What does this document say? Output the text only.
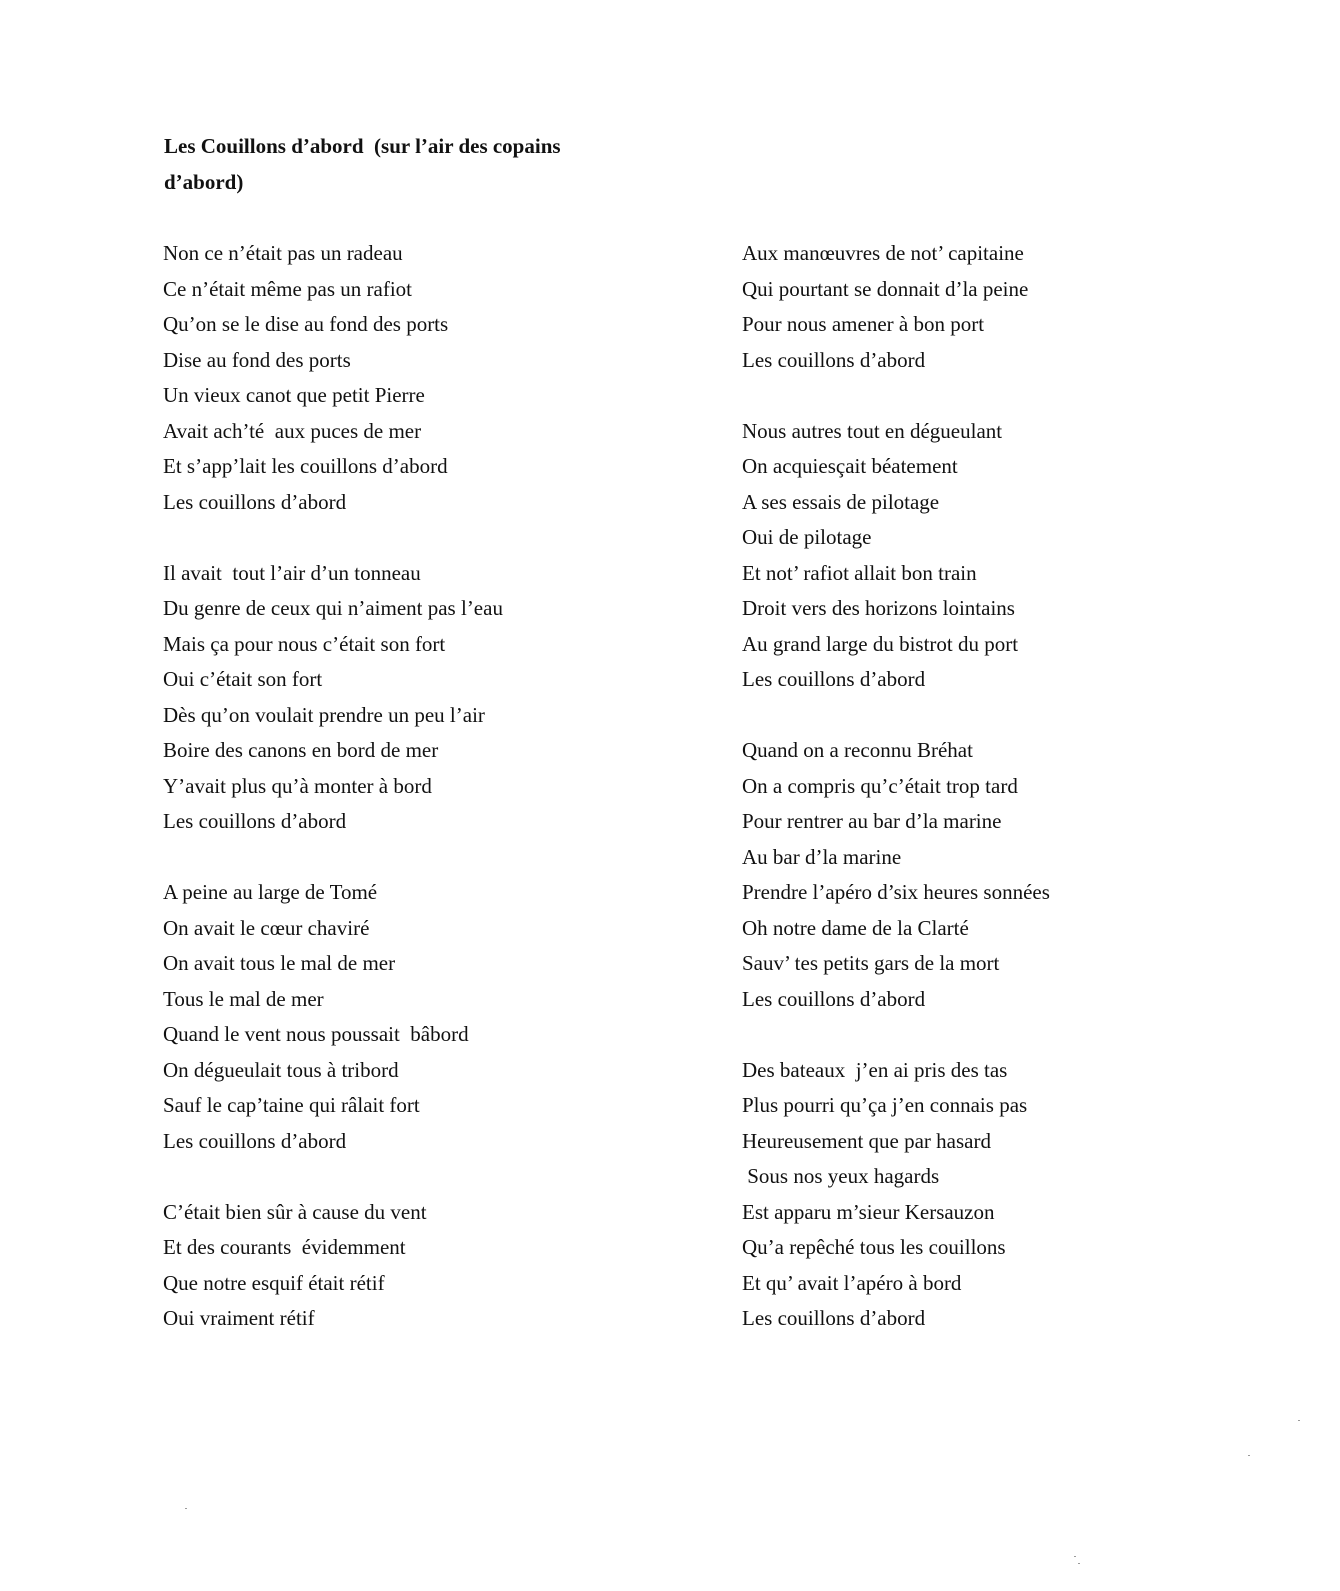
Les Couillons d’abord  (sur l’air des copains
d’abord)
Non ce n’était pas un radeau
Ce n’était même pas un rafiot
Qu’on se le dise au fond des ports
Dise au fond des ports
Un vieux canot que petit Pierre
Avait ach’té  aux puces de mer
Et s’app’lait les couillons d’abord
Les couillons d’abord
Il avait  tout l’air d’un tonneau
Du genre de ceux qui n’aiment pas l’eau
Mais ça pour nous c’était son fort
Oui c’était son fort
Dès qu’on voulait prendre un peu l’air
Boire des canons en bord de mer
Y’avait plus qu’à monter à bord
Les couillons d’abord
A peine au large de Tomé
On avait le cœur chaviré
On avait tous le mal de mer
Tous le mal de mer
Quand le vent nous poussait  bâbord
On dégueulait tous à tribord
Sauf le cap’taine qui râlait fort
Les couillons d’abord
C’était bien sûr à cause du vent
Et des courants  évidemment
Que notre esquif était rétif
Oui vraiment rétif
Aux manœuvres de not’ capitaine
Qui pourtant se donnait d’la peine
Pour nous amener à bon port
Les couillons d’abord
Nous autres tout en dégueulant
On acquiesçait béatement
A ses essais de pilotage
Oui de pilotage
Et not’ rafiot allait bon train
Droit vers des horizons lointains
Au grand large du bistrot du port
Les couillons d’abord
Quand on a reconnu Bréhat
On a compris qu’c’était trop tard
Pour rentrer au bar d’la marine
Au bar d’la marine
Prendre l’apéro d’six heures sonnées
Oh notre dame de la Clarté
Sauv’ tes petits gars de la mort
Les couillons d’abord
Des bateaux  j’en ai pris des tas
Plus pourri qu’ça j’en connais pas
Heureusement que par hasard
Sous nos yeux hagards
Est apparu m’sieur Kersauzon
Qu’a repêché tous les couillons
Et qu’ avait l’apéro à bord
Les couillons d’abord
